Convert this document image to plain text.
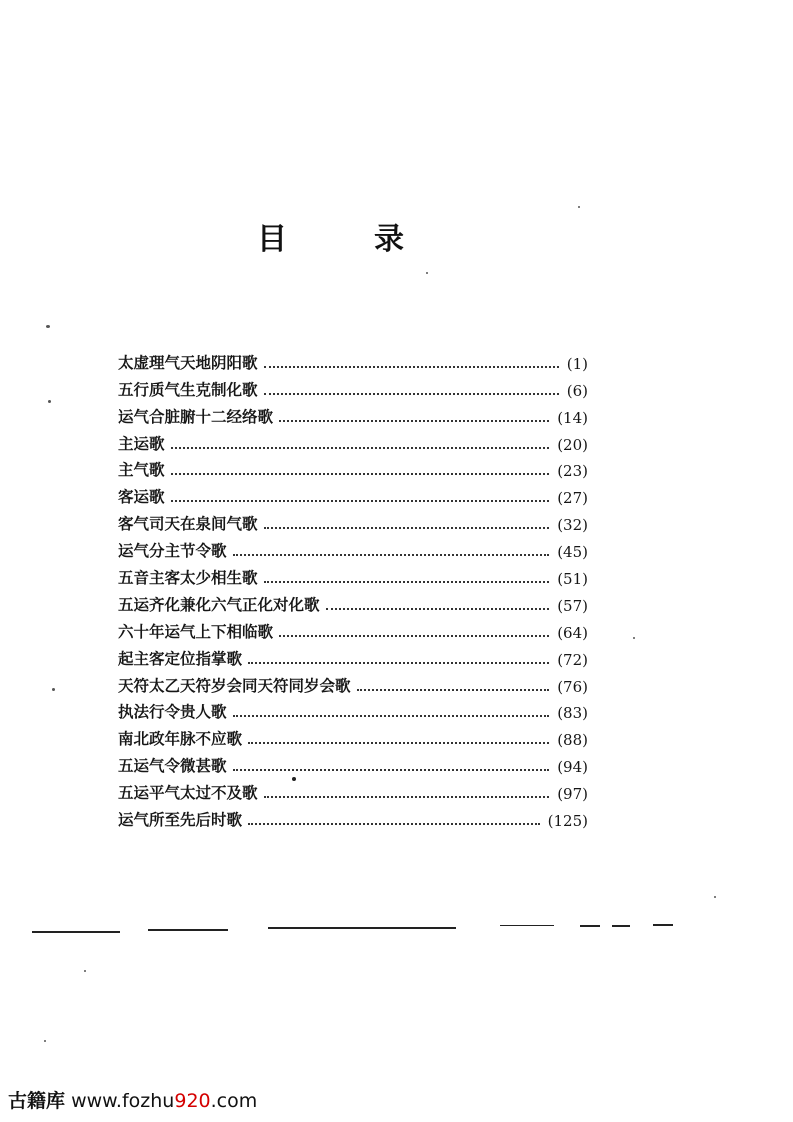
目	录
太虚理气天地阴阳歌	(1)
五行质气生克制化歌	(6)
运气合脏腑十二经络歌	(14)
主运歌	(20)
主气歌	(23)
客运歌	(27)
客气司天在泉间气歌	(32)
运气分主节令歌	(45)
五音主客太少相生歌	(51)
五运齐化兼化六气正化对化歌	(57)
六十年运气上下相临歌	(64)
起主客定位指掌歌	(72)
天符太乙天符岁会同天符同岁会歌	(76)
执法行令贵人歌	(83)
南北政年脉不应歌	(88)
五运气令微甚歌	(94)
五运平气太过不及歌	(97)
运气所至先后时歌	(125)
古籍库 www.fozhu920.com
